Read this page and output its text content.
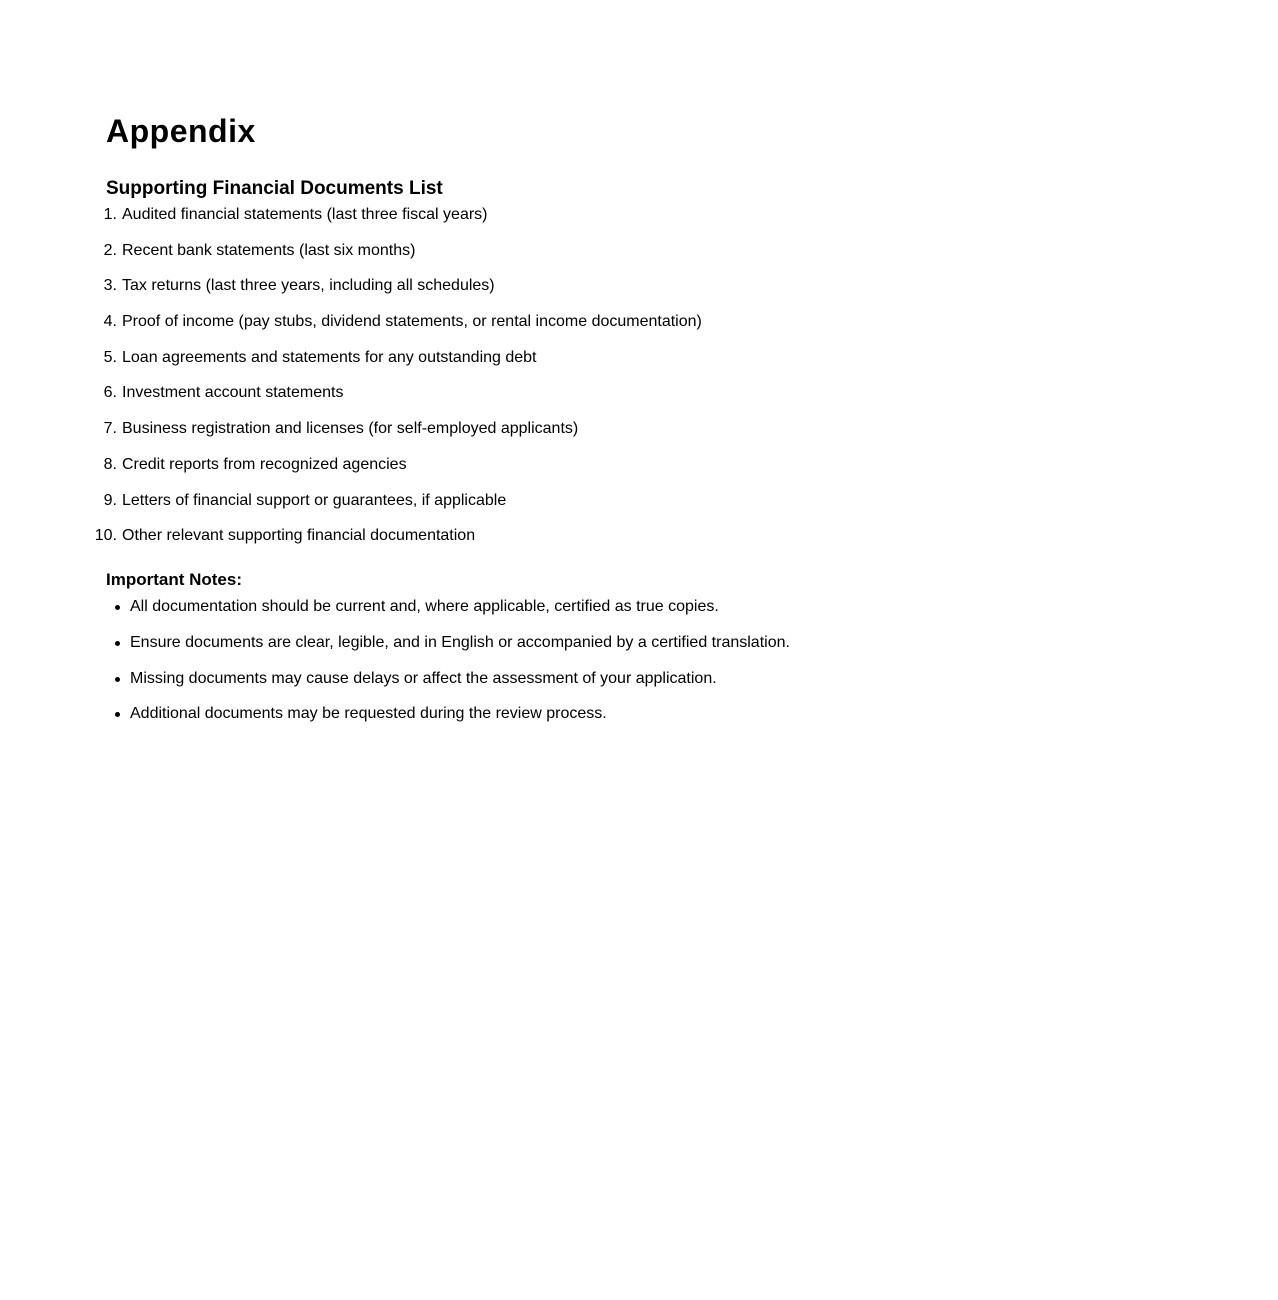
Appendix
Supporting Financial Documents List
1. Audited financial statements (last three fiscal years)
2. Recent bank statements (last six months)
3. Tax returns (last three years, including all schedules)
4. Proof of income (pay stubs, dividend statements, or rental income documentation)
5. Loan agreements and statements for any outstanding debt
6. Investment account statements
7. Business registration and licenses (for self-employed applicants)
8. Credit reports from recognized agencies
9. Letters of financial support or guarantees, if applicable
10. Other relevant supporting financial documentation
Important Notes:
All documentation should be current and, where applicable, certified as true copies.
Ensure documents are clear, legible, and in English or accompanied by a certified translation.
Missing documents may cause delays or affect the assessment of your application.
Additional documents may be requested during the review process.
